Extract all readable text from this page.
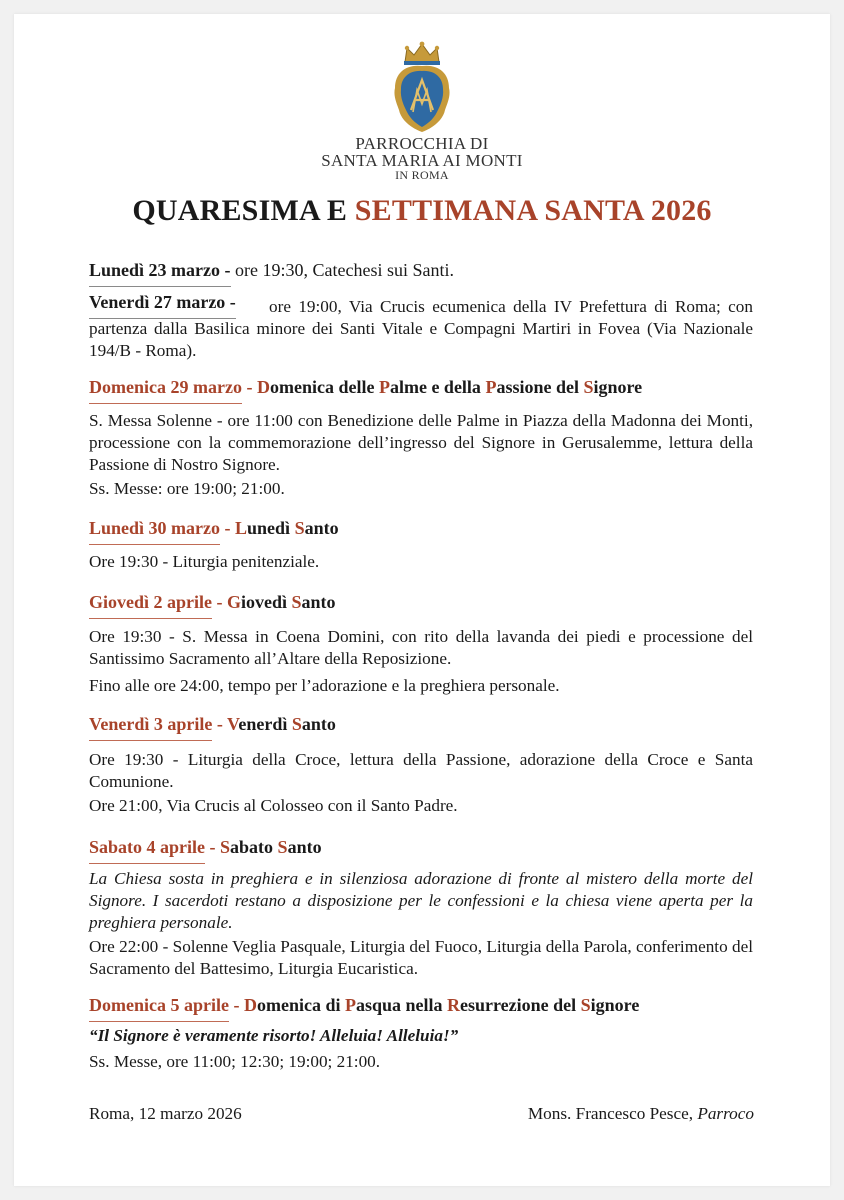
PARROCCHIA DI
SANTA MARIA AI MONTI
IN ROMA
QUARESIMA E SETTIMANA SANTA 2026
Lunedì 23 marzo - ore 19:30, Catechesi sui Santi.
Venerdì 27 marzo -	ore 19:00, Via Crucis ecumenica della IV Prefettura di Roma; con partenza dalla Basilica minore dei Santi Vitale e Compagni Martiri in Fovea (Via Nazionale 194/B - Roma).
Domenica 29 marzo - Domenica delle Palme e della Passione del Signore
S. Messa Solenne - ore 11:00 con Benedizione delle Palme in Piazza della Madonna dei Monti, processione con la commemorazione dell’ingresso del Signore in Gerusalemme, lettura della Passione di Nostro Signore.
Ss. Messe: ore 19:00; 21:00.
Lunedì 30 marzo - Lunedì Santo
Ore 19:30 - Liturgia penitenziale.
Giovedì 2 aprile - Giovedì Santo
Ore 19:30 - S. Messa in Coena Domini, con rito della lavanda dei piedi e processione del Santissimo Sacramento all’Altare della Reposizione.
Fino alle ore 24:00, tempo per l’adorazione e la preghiera personale.
Venerdì 3 aprile - Venerdì Santo
Ore 19:30 - Liturgia della Croce, lettura della Passione, adorazione della Croce e Santa Comunione.
Ore 21:00, Via Crucis al Colosseo con il Santo Padre.
Sabato 4 aprile - Sabato Santo
La Chiesa sosta in preghiera e in silenziosa adorazione di fronte al mistero della morte del Signore. I sacerdoti restano a disposizione per le confessioni e la chiesa viene aperta per la preghiera personale.
Ore 22:00 - Solenne Veglia Pasquale, Liturgia del Fuoco, Liturgia della Parola, conferimento del Sacramento del Battesimo, Liturgia Eucaristica.
Domenica 5 aprile - Domenica di Pasqua nella Resurrezione del Signore
“Il Signore è veramente risorto! Alleluia! Alleluia!”
Ss. Messe, ore 11:00; 12:30; 19:00; 21:00.
Roma, 12 marzo 2026	Mons. Francesco Pesce, Parroco
